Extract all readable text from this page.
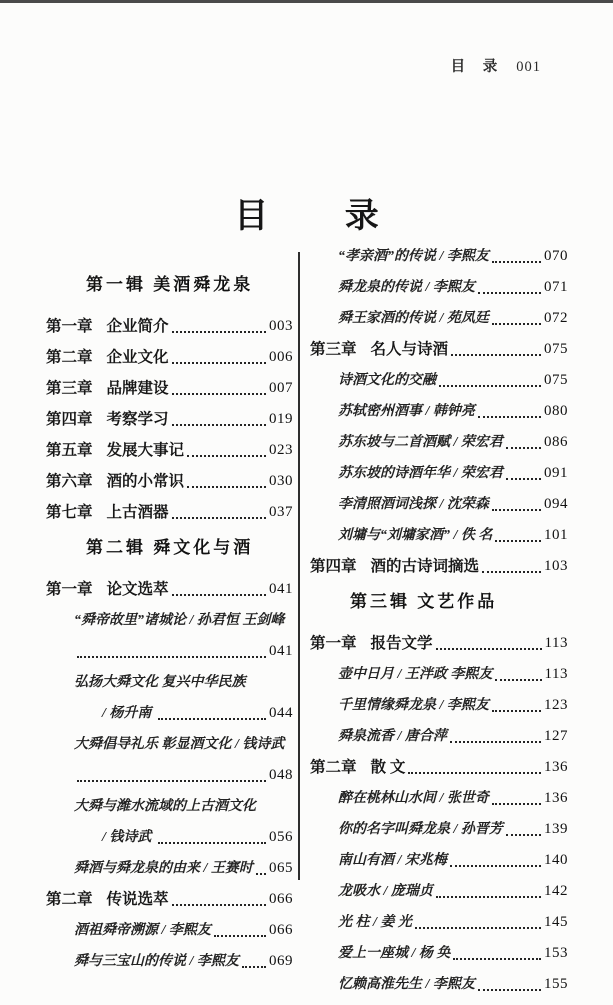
目 录 001
目 录
第一辑 美酒舜龙泉
第一章 企业简介	003
第二章 企业文化	006
第三章 品牌建设	007
第四章 考察学习	019
第五章 发展大事记	023
第六章 酒的小常识	030
第七章 上古酒器	037
第二辑 舜文化与酒
第一章 论文选萃	041
“舜帝故里”诸城论 / 孙君恒 王剑峰
041
弘扬大舜文化 复兴中华民族
/ 杨升南	044
大舜倡导礼乐 彰显酒文化 / 钱诗武
048
大舜与潍水流域的上古酒文化
/ 钱诗武	056
舜酒与舜龙泉的由来 / 王赛时 065
第二章 传说选萃	066
酒祖舜帝溯源 / 李熙友	066
舜与三宝山的传说 / 李熙友 069
“孝亲酒”的传说 / 李熙友	070
舜龙泉的传说 / 李熙友	071
舜王家酒的传说 / 苑凤廷	072
第三章 名人与诗酒	075
诗酒文化的交融	075
苏轼密州酒事 / 韩钟亮	080
苏东坡与二首酒赋 / 荣宏君	086
苏东坡的诗酒年华 / 荣宏君	091
李清照酒词浅探 / 沈荣森	094
刘墉与“刘墉家酒” / 佚 名	101
第四章 酒的古诗词摘选	103
第三辑 文艺作品
第一章 报告文学	113
壶中日月 / 王泮政 李熙友	113
千里情缘舜龙泉 / 李熙友	123
舜泉流香 / 唐合萍	127
第二章 散 文	136
醉在桃林山水间 / 张世奇	136
你的名字叫舜龙泉 / 孙晋芳	139
南山有酒 / 宋兆梅	140
龙吸水 / 庞瑞贞	142
光 柱 / 姜 光	145
爱上一座城 / 杨 奂	153
忆赖高淮先生 / 李熙友	155
